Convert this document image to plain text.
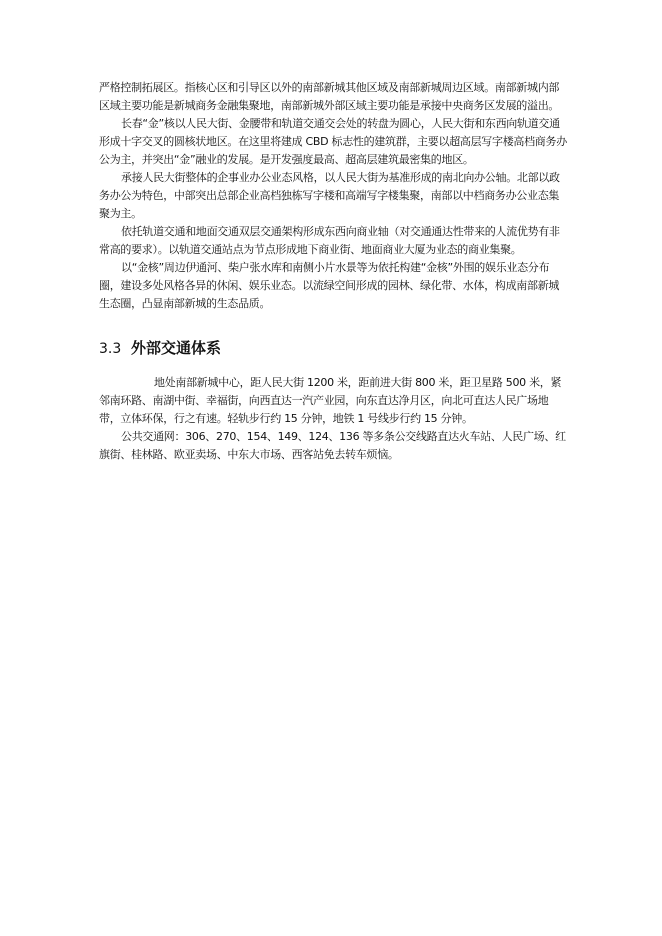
严格控制拓展区。指核心区和引导区以外的南部新城其他区域及南部新城周边区域。南部新城内部区域主要功能是新城商务金融集聚地，南部新城外部区域主要功能是承接中央商务区发展的溢出。

长春“金”核以人民大街、金腰带和轨道交通交会处的转盘为圆心，人民大街和东西向轨道交通形成十字交叉的圆核状地区。在这里将建成 CBD 标志性的建筑群，主要以超高层写字楼高档商务办公为主，并突出“金”融业的发展。是开发强度最高、超高层建筑最密集的地区。

承接人民大街整体的企事业办公业态风格，以人民大街为基准形成的南北向办公轴。北部以政务办公为特色，中部突出总部企业高档独栋写字楼和高端写字楼集聚，南部以中档商务办公业态集聚为主。

依托轨道交通和地面交通双层交通架构形成东西向商业轴（对交通通达性带来的人流优势有非常高的要求）。以轨道交通站点为节点形成地下商业街、地面商业大厦为业态的商业集聚。

以“金核”周边伊通河、柴户张水库和南侧小片水景等为依托构建“金核”外围的娱乐业态分布圈，建设多处风格各异的休闲、娱乐业态。以流绿空间形成的园林、绿化带、水体，构成南部新城生态圈，凸显南部新城的生态品质。

3.3 外部交通体系

地处南部新城中心，距人民大街 1200 米，距前进大街 800 米，距卫星路 500 米，紧邻南环路、南湖中街、幸福街，向西直达一汽产业园，向东直达净月区，向北可直达人民广场地带，立体环保，行之有速。轻轨步行约 15 分钟，地铁 1 号线步行约 15 分钟。

公共交通网：306、270、154、149、124、136 等多条公交线路直达火车站、人民广场、红旗街、桂林路、欧亚卖场、中东大市场、西客站免去转车烦恼。
